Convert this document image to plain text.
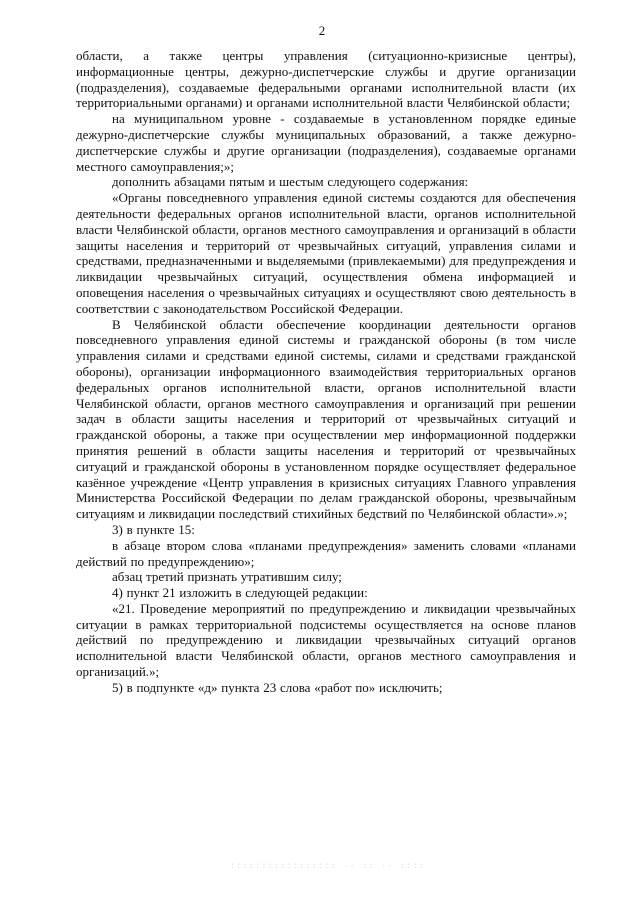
2

области, а также центры управления (ситуационно-кризисные центры), информационные центры, дежурно-диспетчерские службы и другие организации (подразделения), создаваемые федеральными органами исполнительной власти (их территориальными органами) и органами исполнительной власти Челябинской области;

на муниципальном уровне - создаваемые в установленном порядке единые дежурно-диспетчерские службы муниципальных образований, а также дежурно-диспетчерские службы и другие организации (подразделения), создаваемые органами местного самоуправления;»;

дополнить абзацами пятым и шестым следующего содержания:

«Органы повседневного управления единой системы создаются для обеспечения деятельности федеральных органов исполнительной власти, органов исполнительной власти Челябинской области, органов местного самоуправления и организаций в области защиты населения и территорий от чрезвычайных ситуаций, управления силами и средствами, предназначенными и выделяемыми (привлекаемыми) для предупреждения и ликвидации чрезвычайных ситуаций, осуществления обмена информацией и оповещения населения о чрезвычайных ситуациях и осуществляют свою деятельность в соответствии с законодательством Российской Федерации.

В Челябинской области обеспечение координации деятельности органов повседневного управления единой системы и гражданской обороны (в том числе управления силами и средствами единой системы, силами и средствами гражданской обороны), организации информационного взаимодействия территориальных органов федеральных органов исполнительной власти, органов исполнительной власти Челябинской области, органов местного самоуправления и организаций при решении задач в области защиты населения и территорий от чрезвычайных ситуаций и гражданской обороны, а также при осуществлении мер информационной поддержки принятия решений в области защиты населения и территорий от чрезвычайных ситуаций и гражданской обороны в установленном порядке осуществляет федеральное казённое учреждение «Центр управления в кризисных ситуациях Главного управления Министерства Российской Федерации по делам гражданской обороны, чрезвычайным ситуациям и ликвидации последствий стихийных бедствий по Челябинской области».»;

3) в пункте 15:

в абзаце втором слова «планами предупреждения» заменить словами «планами действий по предупреждению»;

абзац третий признать утратившим силу;

4) пункт 21 изложить в следующей редакции:

«21. Проведение мероприятий по предупреждению и ликвидации чрезвычайных ситуации в рамках территориальной подсистемы осуществляется на основе планов действий по предупреждению и ликвидации чрезвычайных ситуаций органов исполнительной власти Челябинской области, органов местного самоуправления и организаций.»;

5) в подпункте «д» пункта 23 слова «работ по» исключить;

::::::::::::::::: ·· :: ·· ::::
